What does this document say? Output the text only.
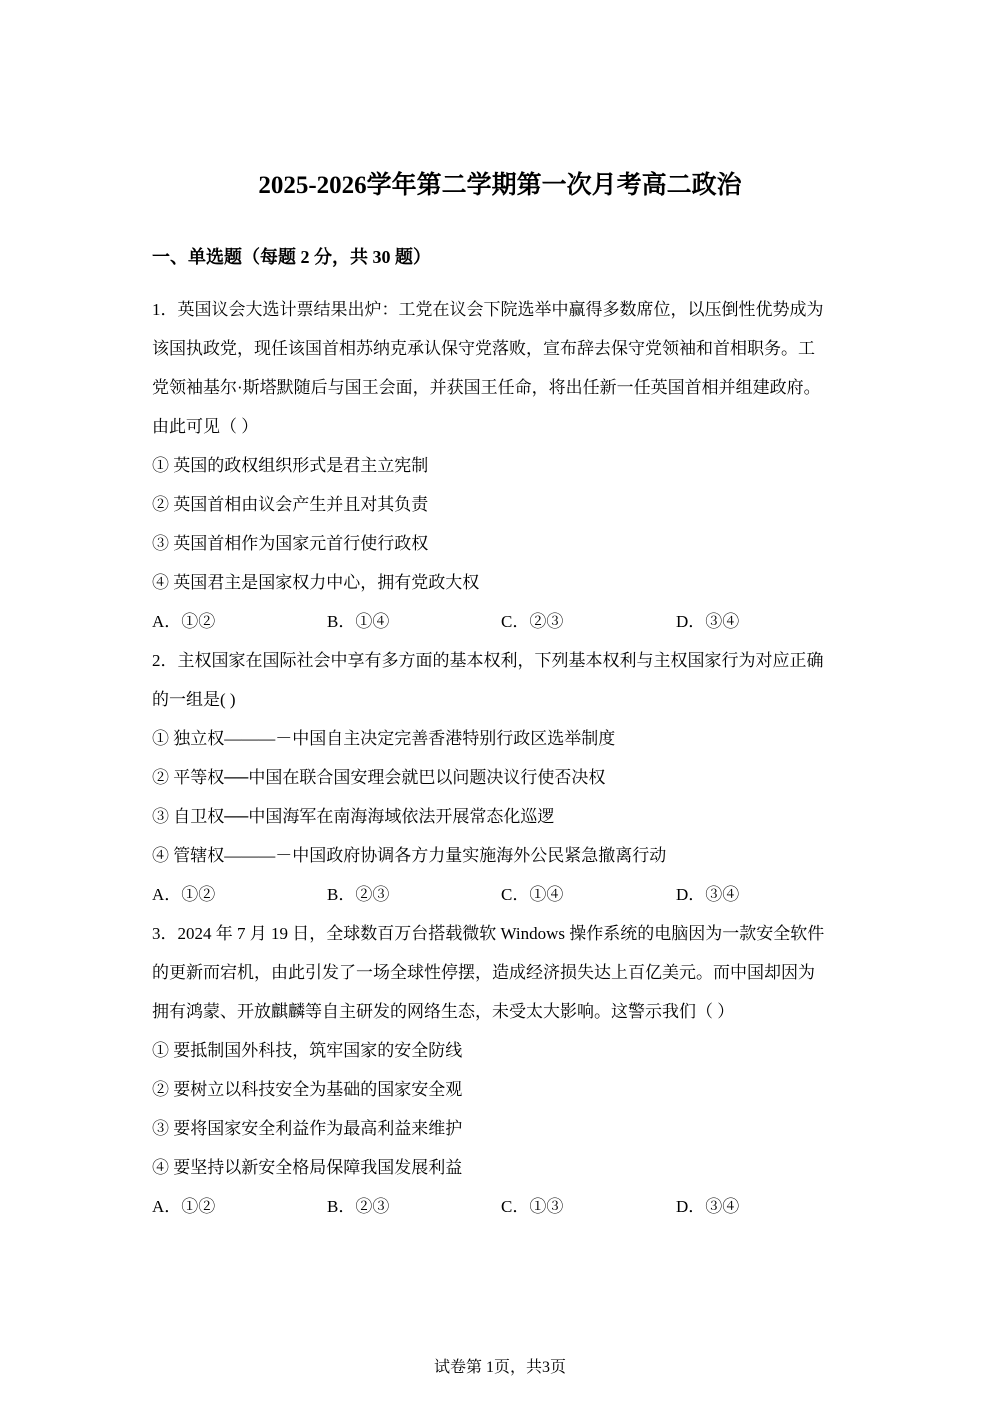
2025-2026学年第二学期第一次月考高二政治
一、单选题（每题 2 分，共 30 题）
1．英国议会大选计票结果出炉：工党在议会下院选举中赢得多数席位，以压倒性优势成为
该国执政党，现任该国首相苏纳克承认保守党落败，宣布辞去保守党领袖和首相职务。工
党领袖基尔·斯塔默随后与国王会面，并获国王任命，将出任新一任英国首相并组建政府。
由此可见（ ）
① 英国的政权组织形式是君主立宪制
② 英国首相由议会产生并且对其负责
③ 英国首相作为国家元首行使行政权
④ 英国君主是国家权力中心，拥有党政大权
A．①②	B．①④	C．②③	D．③④
2．主权国家在国际社会中享有多方面的基本权利，下列基本权利与主权国家行为对应正确
的一组是( )
① 独立权———－中国自主决定完善香港特别行政区选举制度
② 平等权──中国在联合国安理会就巴以问题决议行使否决权
③ 自卫权──中国海军在南海海域依法开展常态化巡逻
④ 管辖权———－中国政府协调各方力量实施海外公民紧急撤离行动
A．①②	B．②③	C．①④	D．③④
3．2024 年 7 月 19 日，全球数百万台搭载微软 Windows 操作系统的电脑因为一款安全软件
的更新而宕机，由此引发了一场全球性停摆，造成经济损失达上百亿美元。而中国却因为
拥有鸿蒙、开放麒麟等自主研发的网络生态，未受太大影响。这警示我们（ ）
① 要抵制国外科技，筑牢国家的安全防线
② 要树立以科技安全为基础的国家安全观
③ 要将国家安全利益作为最高利益来维护
④ 要坚持以新安全格局保障我国发展利益
A．①②	B．②③	C．①③	D．③④
试卷第 1页，共3页
